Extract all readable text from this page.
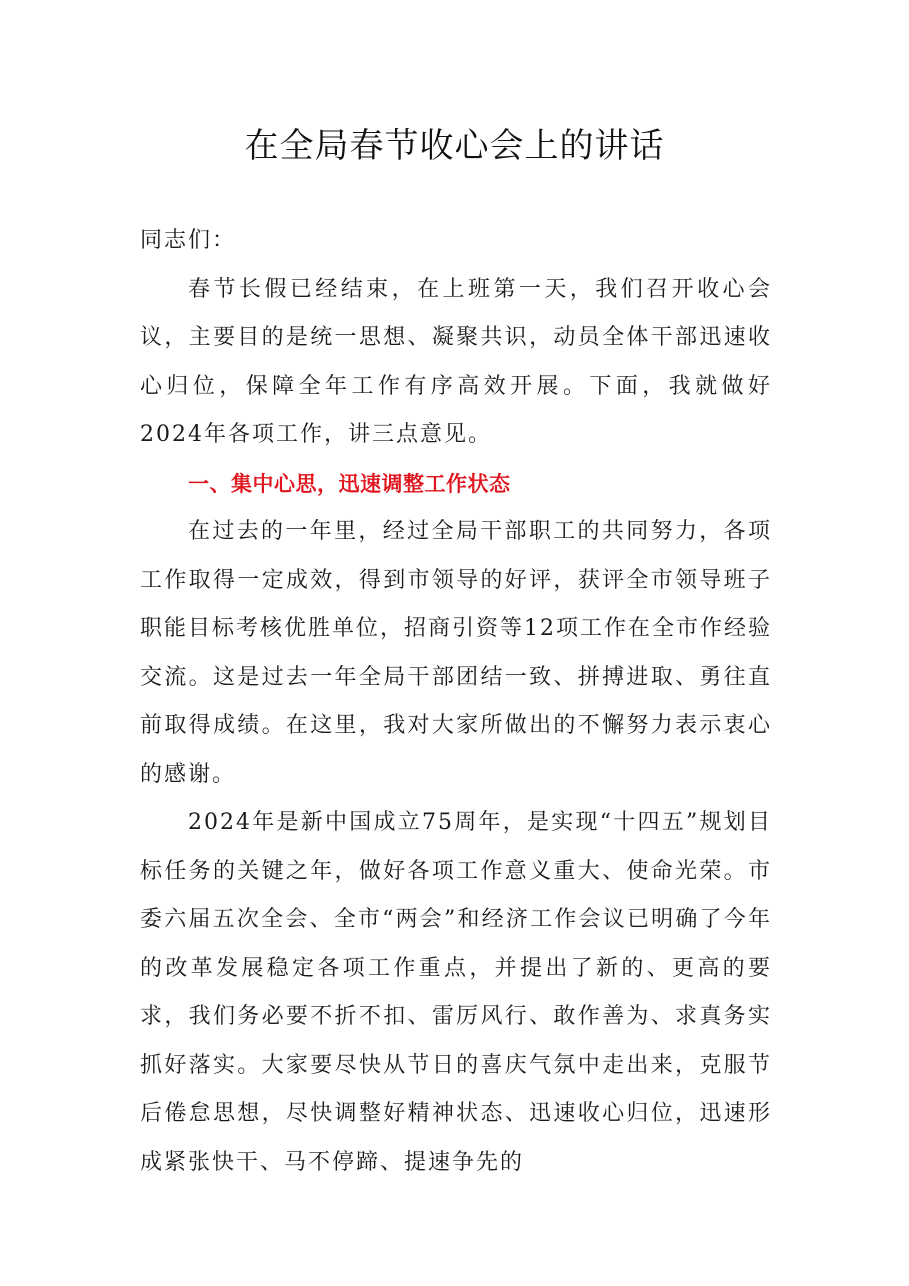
在全局春节收心会上的讲话

同志们：

春节长假已经结束，在上班第一天，我们召开收心会议，主要目的是统一思想、凝聚共识，动员全体干部迅速收心归位，保障全年工作有序高效开展。下面，我就做好2024年各项工作，讲三点意见。

一、集中心思，迅速调整工作状态

在过去的一年里，经过全局干部职工的共同努力，各项工作取得一定成效，得到市领导的好评，获评全市领导班子职能目标考核优胜单位，招商引资等12项工作在全市作经验交流。这是过去一年全局干部团结一致、拼搏进取、勇往直前取得成绩。在这里，我对大家所做出的不懈努力表示衷心的感谢。

2024年是新中国成立75周年，是实现“十四五”规划目标任务的关键之年，做好各项工作意义重大、使命光荣。市委六届五次全会、全市“两会”和经济工作会议已明确了今年的改革发展稳定各项工作重点，并提出了新的、更高的要求，我们务必要不折不扣、雷厉风行、敢作善为、求真务实抓好落实。大家要尽快从节日的喜庆气氛中走出来，克服节后倦怠思想，尽快调整好精神状态、迅速收心归位，迅速形成紧张快干、马不停蹄、提速争先的
